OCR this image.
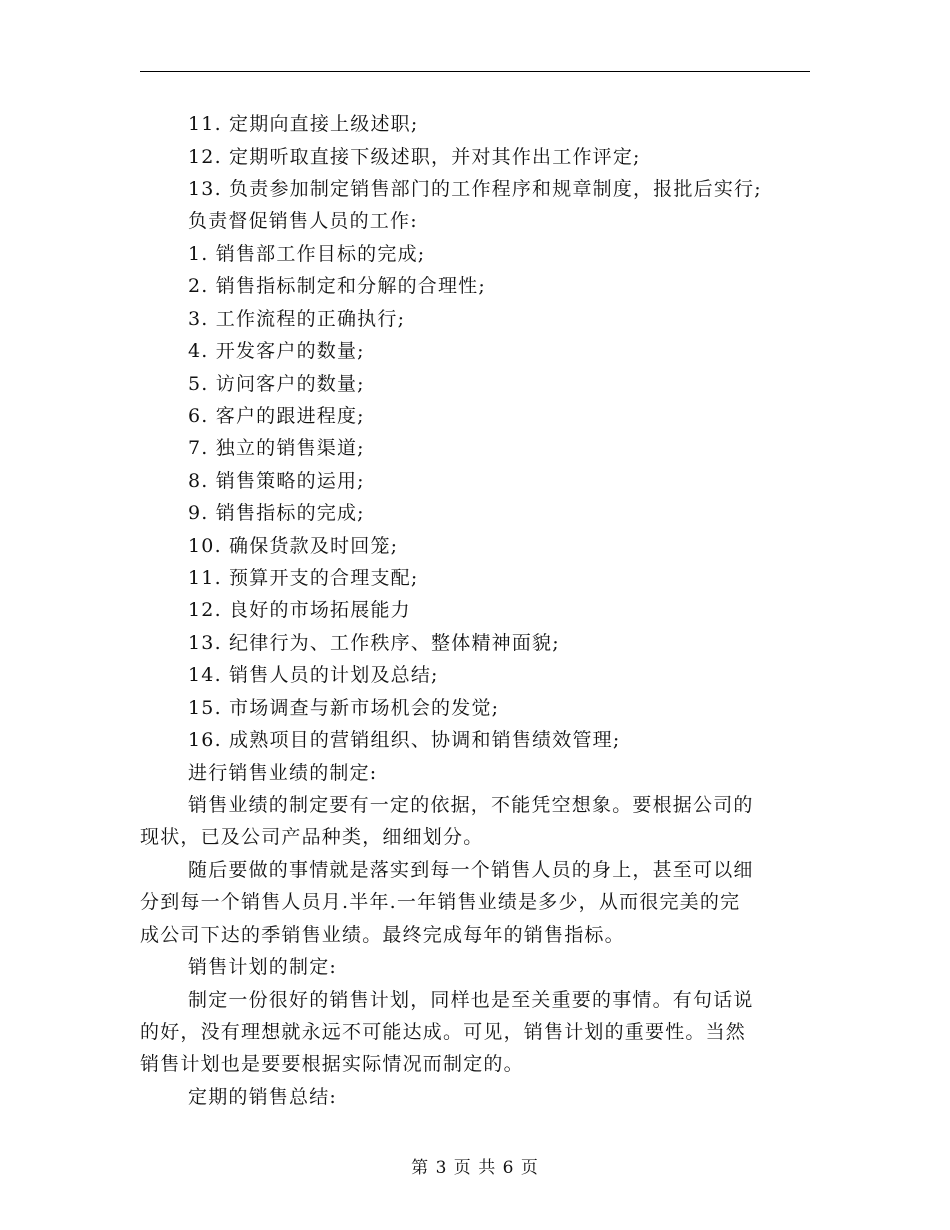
11. 定期向直接上级述职;
12. 定期听取直接下级述职，并对其作出工作评定;
13. 负责参加制定销售部门的工作程序和规章制度，报批后实行;
负责督促销售人员的工作:
1. 销售部工作目标的完成;
2. 销售指标制定和分解的合理性;
3. 工作流程的正确执行;
4. 开发客户的数量;
5. 访问客户的数量;
6. 客户的跟进程度;
7. 独立的销售渠道;
8. 销售策略的运用;
9. 销售指标的完成;
10. 确保货款及时回笼;
11. 预算开支的合理支配;
12. 良好的市场拓展能力
13. 纪律行为、工作秩序、整体精神面貌;
14. 销售人员的计划及总结;
15. 市场调查与新市场机会的发觉;
16. 成熟项目的营销组织、协调和销售绩效管理;
进行销售业绩的制定:
销售业绩的制定要有一定的依据，不能凭空想象。要根据公司的
现状，已及公司产品种类，细细划分。
随后要做的事情就是落实到每一个销售人员的身上，甚至可以细
分到每一个销售人员月.半年.一年销售业绩是多少，从而很完美的完
成公司下达的季销售业绩。最终完成每年的销售指标。
销售计划的制定:
制定一份很好的销售计划，同样也是至关重要的事情。有句话说
的好，没有理想就永远不可能达成。可见，销售计划的重要性。当然
销售计划也是要要根据实际情况而制定的。
定期的销售总结:
第 3 页 共 6 页
